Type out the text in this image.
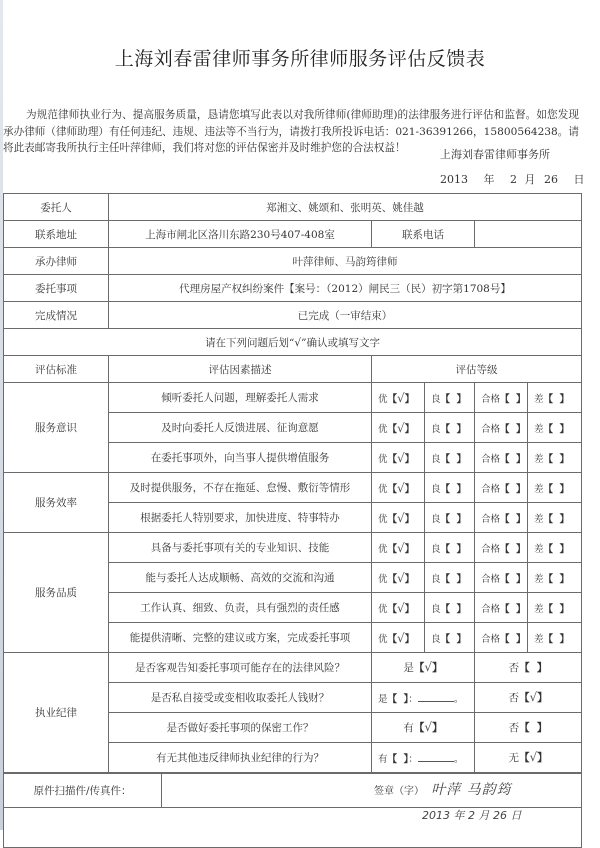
上海刘春雷律师事务所律师服务评估反馈表
为规范律师执业行为、提高服务质量，恳请您填写此表以对我所律师(律师助理)的法律服务进行评估和监督。如您发现承办律师（律师助理）有任何违纪、违规、违法等不当行为，请拨打我所投诉电话：021-36391266，15800564238。请将此表邮寄我所执行主任叶萍律师，我们将对您的评估保密并及时维护您的合法权益！	上海刘春雷律师事务所
2013 年 2 月 26 日
委托人	郑湘文、姚颂和、张明英、姚佳越				
联系地址	上海市闸北区洛川东路230号407-408室	联系电话			
承办律师	叶萍律师、马韵筠律师				
委托事项	代理房屋产权纠纷案件【案号：（2012）闸民三（民）初字第1708号】				
完成情况	已完成（一审结束）				
请在下列问题后划“√”确认或填写文字					
评估标准	评估因素描述	评估等级			
服务意识	倾听委托人问题，理解委托人需求	优【√】	良【  】	合格【  】	差【  】
	及时向委托人反馈进展、征询意愿	优【√】	良【  】	合格【  】	差【  】
	在委托事项外，向当事人提供增值服务	优【√】	良【  】	合格【  】	差【  】
服务效率	及时提供服务，不存在拖延、怠慢、敷衍等情形	优【√】	良【  】	合格【  】	差【  】
	根据委托人特别要求，加快进度、特事特办	优【√】	良【  】	合格【  】	差【  】
服务品质	具备与委托事项有关的专业知识、技能	优【√】	良【  】	合格【  】	差【  】
	能与委托人达成顺畅、高效的交流和沟通	优【√】	良【  】	合格【  】	差【  】
	工作认真、细致、负责，具有强烈的责任感	优【√】	良【  】	合格【  】	差【  】
	能提供清晰、完整的建议或方案，完成委托事项	优【√】	良【  】	合格【  】	差【  】
执业纪律	是否客观告知委托事项可能存在的法律风险？	是【√】		否【  】	
	是否私自接受或变相收取委托人钱财？	是【  】： 。		否【√】	
	是否做好委托事项的保密工作？	有【√】		否【  】	
	有无其他违反律师执业纪律的行为？	有【  】： 。		无【√】	

签章（字） 叶萍 马韵筠
2013 年 2 月 26 日					
原件扫描件/传真件：	
